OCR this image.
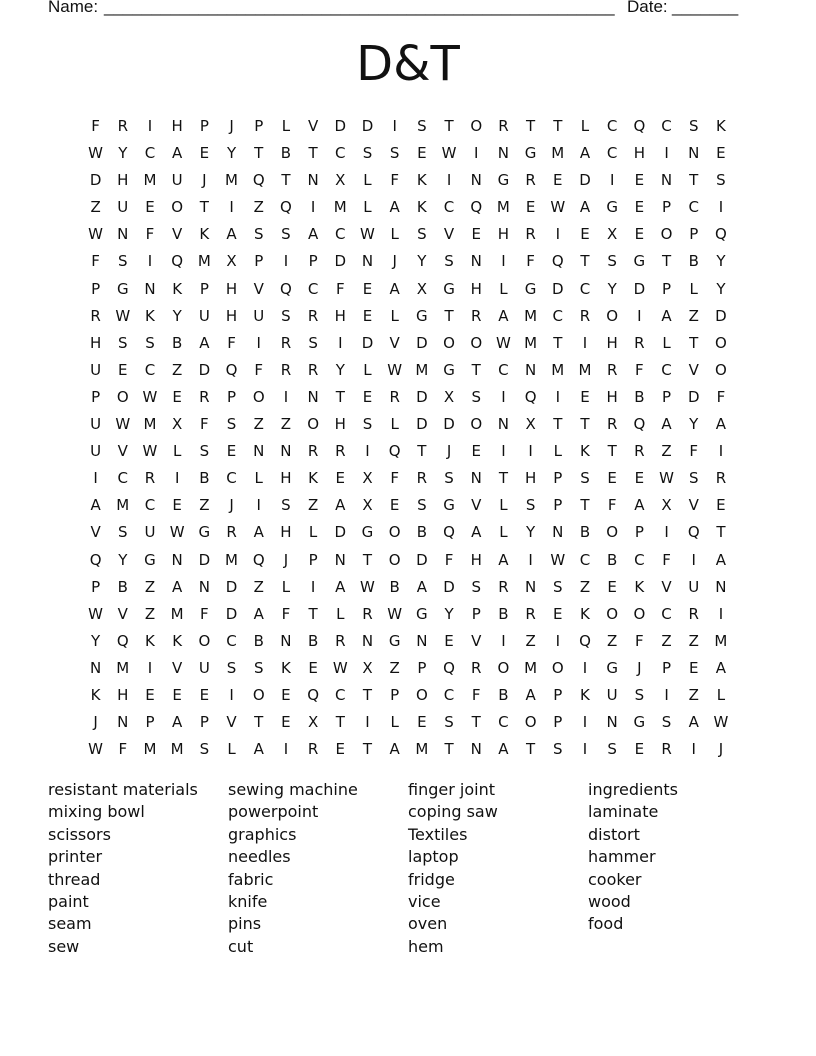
Name: ______________________________________________________ Date: _______
D&T
F	R	I	H	P	J	P	L	V	D	D	I	S	T	O	R	T	T	L	C	Q	C	S	K
W	Y	C	A	E	Y	T	B	T	C	S	S	E	W	I	N	G M	A	C	H	I	N	E
D	H	M	U	J	M Q	T	N	X	L	F	K	I	N	G	R	E	D	I	E	N	T	S
Z	U	E	O	T	I	Z	Q	I	M	L	A	K	C	Q M	E	W A	G	E	P	C	I
W N	F	V	K	A	S	S	A	C W	L	S	V	E	H	R	I	E	X	E	O	P	Q
F	S	I	Q M	X	P	I	P	D	N	J	Y	S	N	I	F	Q	T	S	G	T	B	Y
P	G	N	K	P	H	V	Q	C	F	E	A	X	G	H	L	G	D	C	Y	D	P	L	Y
R W K	Y	U	H	U	S	R	H	E	L	G	T	R	A	M	C	R	O	I	A	Z	D
H	S	S	B	A	F	I	R	S	I	D	V	D	O	O W M	T	I	H	R	L	T	O
U	E	C	Z	D	Q	F	R	R	Y	L	W M G	T	C	N	M M	R	F	C	V	O
P	O W	E	R	P	O	I	N	T	E	R	D	X	S	I	Q	I	E	H	B	P	D	F
U W M	X	F	S	Z	Z	O	H	S	L	D	D	O	N	X	T	T	R	Q	A	Y	A
U	V W	L	S	E	N	N	R	R	I	Q	T	J	E	I	I	L	K	T	R	Z	F	I
I	C	R	I	B	C	L	H	K	E	X	F	R	S	N	T	H	P	S	E	E	W	S	R
A	M	C	E	Z	J	I	S	Z	A	X	E	S	G	V	L	S	P	T	F	A	X	V	E
V	S	U W G	R	A	H	L	D	G	O	B	Q	A	L	Y	N	B	O	P	I	Q	T
Q	Y	G	N	D M Q	J	P	N	T	O	D	F	H	A	I	W C	B	C	F	I	A
P	B	Z	A	N	D	Z	L	I	A W B	A	D	S	R	N	S	Z	E	K	V	U	N
W V	Z	M	F	D	A	F	T	L	R W G	Y	P	B	R	E	K	O	O	C	R	I
Y	Q	K	K	O	C	B	N	B	R	N	G	N	E	V	I	Z	I	Q	Z	F	Z	Z	M
N	M	I	V	U	S	S	K	E	W X	Z	P	Q	R	O M O	I	G	J	P	E	A
K	H	E	E	E	I	O	E	Q	C	T	P	O	C	F	B	A	P	K	U	S	I	Z	L
J	N	P	A	P	V	T	E	X	T	I	L	E	S	T	C	O	P	I	N	G	S	A W
W	F	M M	S	L	A	I	R	E	T	A	M	T	N	A	T	S	I	S	E	R	I	J
resistant materials
mixing bowl
scissors
printer
thread
paint
seam
sew
sewing machine
powerpoint
graphics
needles
fabric
knife
pins
cut
finger joint
coping saw
Textiles
laptop
fridge
vice
oven
hem
ingredients
laminate
distort
hammer
cooker
wood
food
